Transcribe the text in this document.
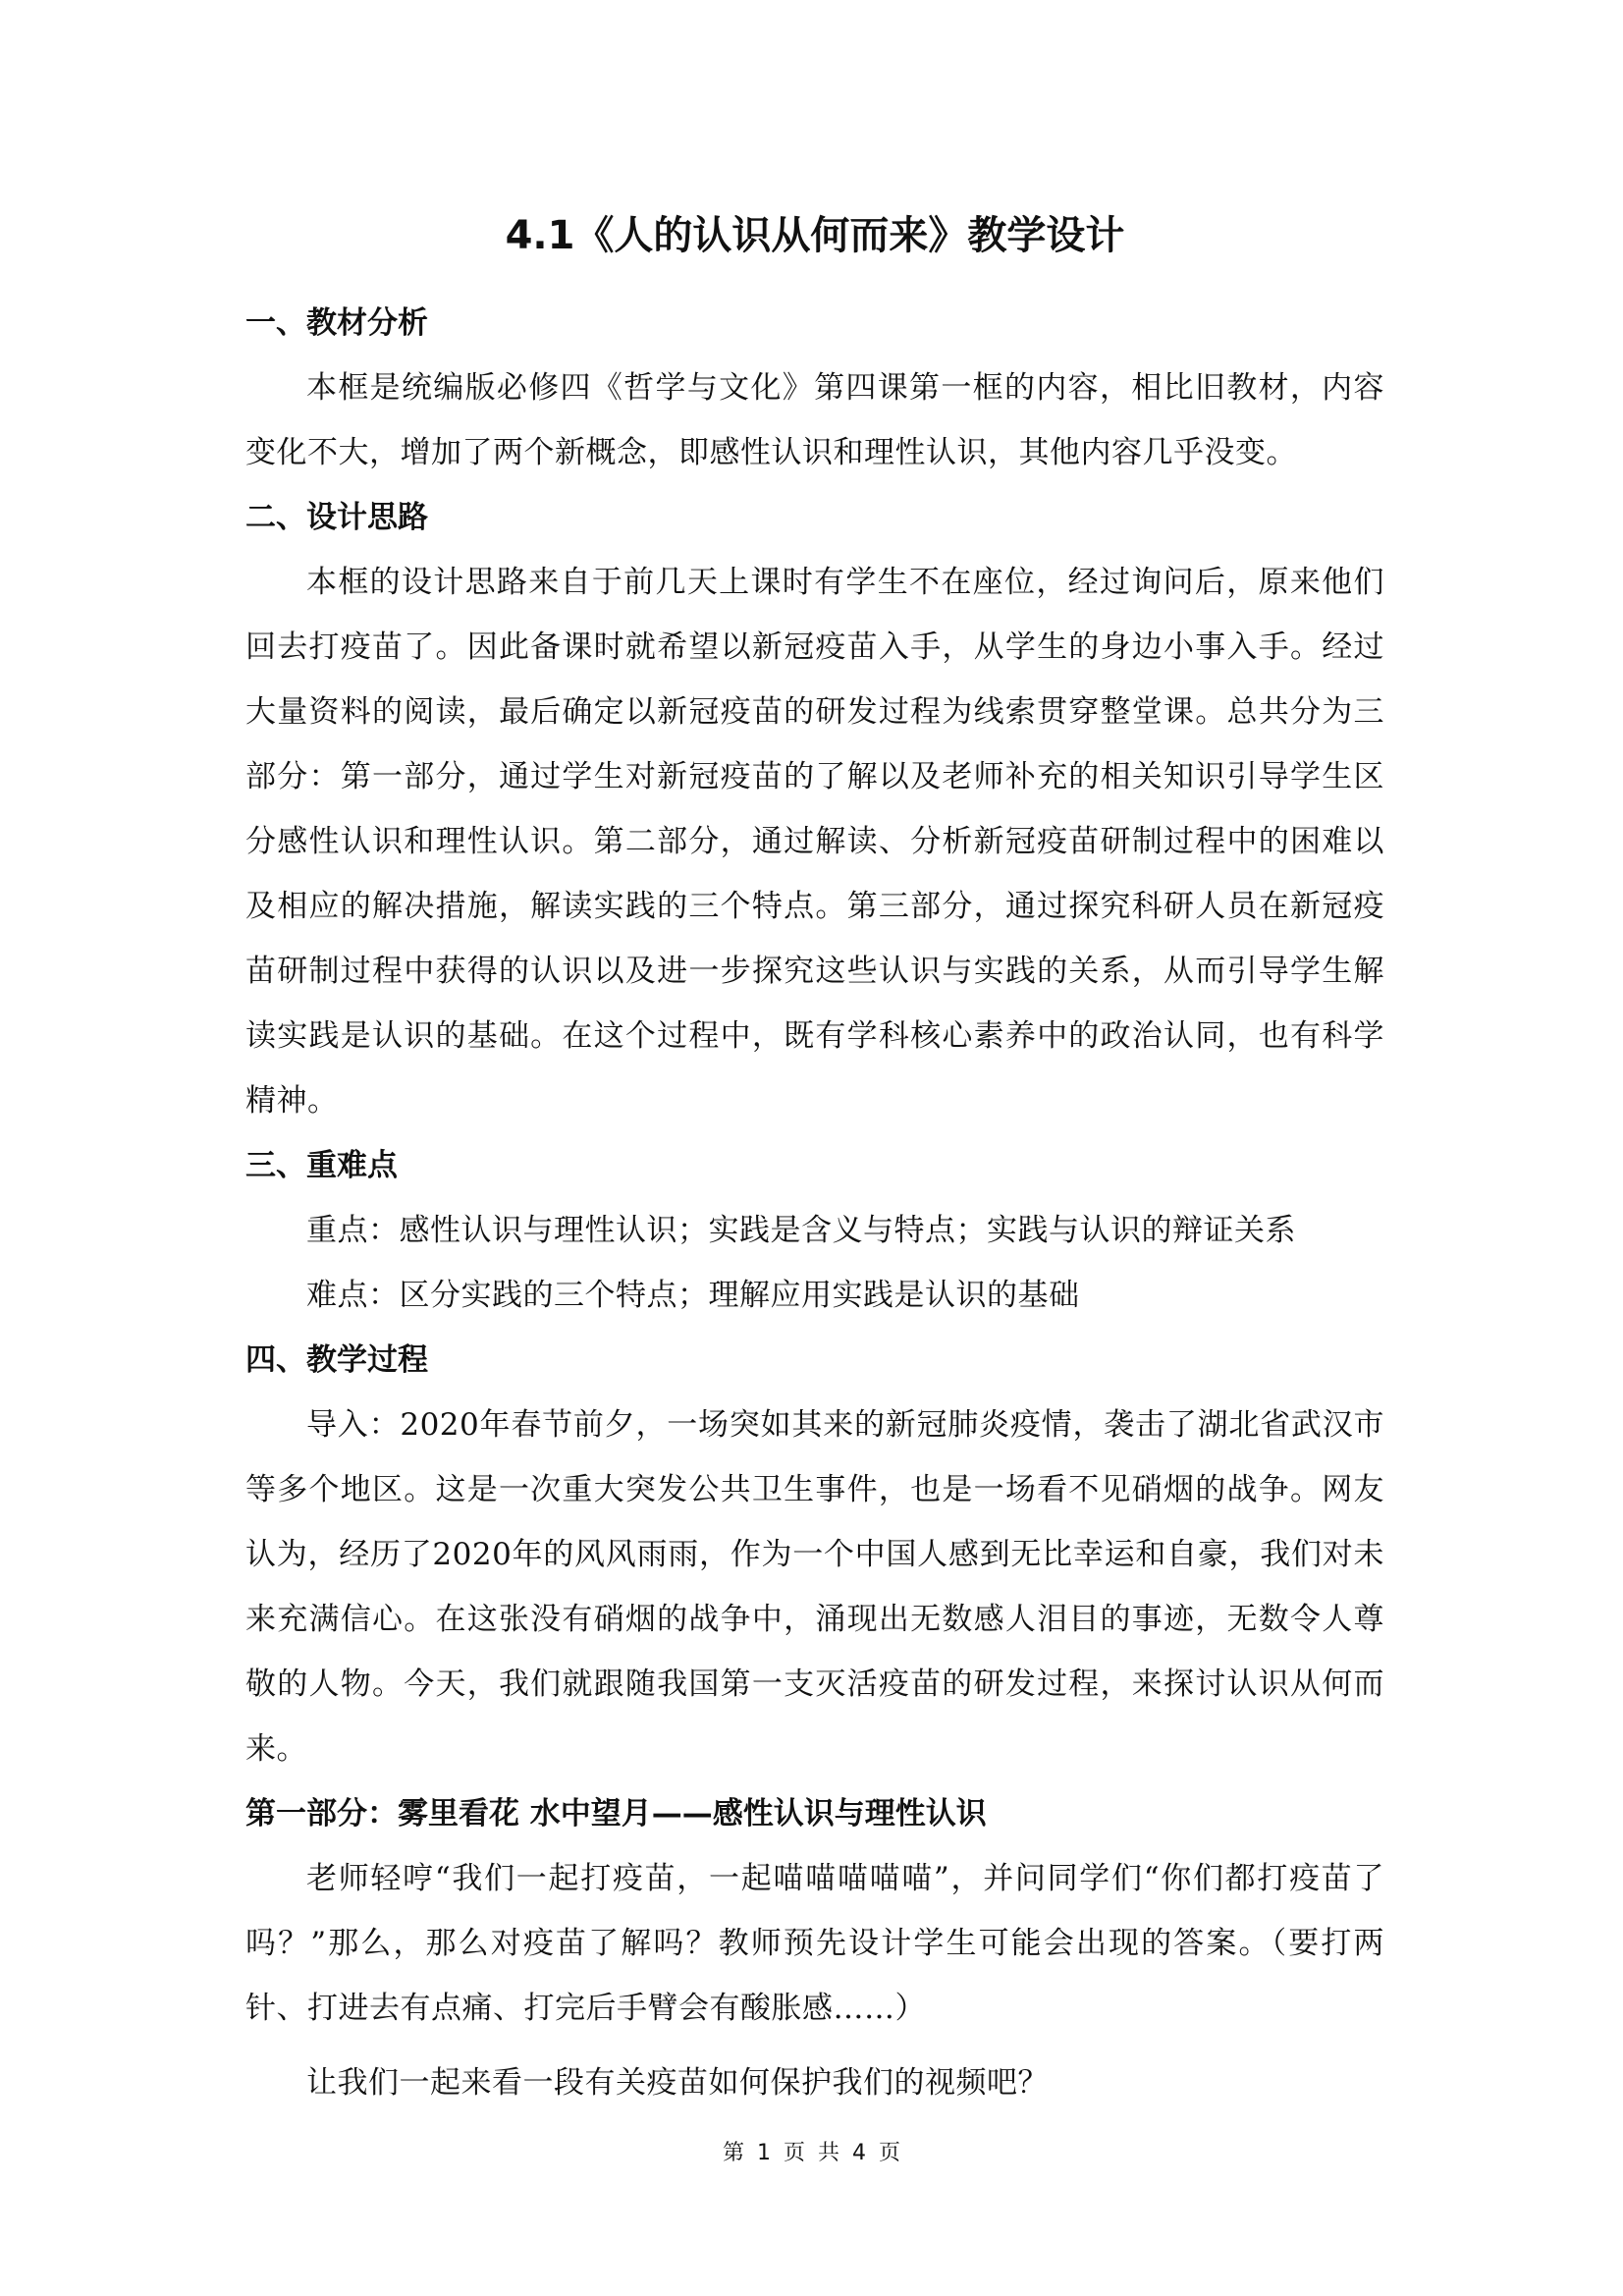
4.1《人的认识从何而来》教学设计
一、教材分析

本框是统编版必修四《哲学与文化》第四课第一框的内容，相比旧教材，内容变化不大，增加了两个新概念，即感性认识和理性认识，其他内容几乎没变。

二、设计思路

本框的设计思路来自于前几天上课时有学生不在座位，经过询问后，原来他们回去打疫苗了。因此备课时就希望以新冠疫苗入手，从学生的身边小事入手。经过大量资料的阅读，最后确定以新冠疫苗的研发过程为线索贯穿整堂课。总共分为三部分：第一部分，通过学生对新冠疫苗的了解以及老师补充的相关知识引导学生区分感性认识和理性认识。第二部分，通过解读、分析新冠疫苗研制过程中的困难以及相应的解决措施，解读实践的三个特点。第三部分，通过探究科研人员在新冠疫苗研制过程中获得的认识以及进一步探究这些认识与实践的关系，从而引导学生解读实践是认识的基础。在这个过程中，既有学科核心素养中的政治认同，也有科学精神。

三、重难点

重点：感性认识与理性认识；实践是含义与特点；实践与认识的辩证关系

难点：区分实践的三个特点；理解应用实践是认识的基础

四、教学过程

导入：2020年春节前夕，一场突如其来的新冠肺炎疫情，袭击了湖北省武汉市等多个地区。这是一次重大突发公共卫生事件，也是一场看不见硝烟的战争。网友认为，经历了2020年的风风雨雨，作为一个中国人感到无比幸运和自豪，我们对未来充满信心。在这张没有硝烟的战争中，涌现出无数感人泪目的事迹，无数令人尊敬的人物。今天，我们就跟随我国第一支灭活疫苗的研发过程，来探讨认识从何而来。

第一部分：雾里看花 水中望月——感性认识与理性认识

老师轻哼“我们一起打疫苗，一起喵喵喵喵喵”，并问同学们“你们都打疫苗了吗？”那么，那么对疫苗了解吗？教师预先设计学生可能会出现的答案。（要打两针、打进去有点痛、打完后手臂会有酸胀感……）

让我们一起来看一段有关疫苗如何保护我们的视频吧？

第 1 页 共 4 页
